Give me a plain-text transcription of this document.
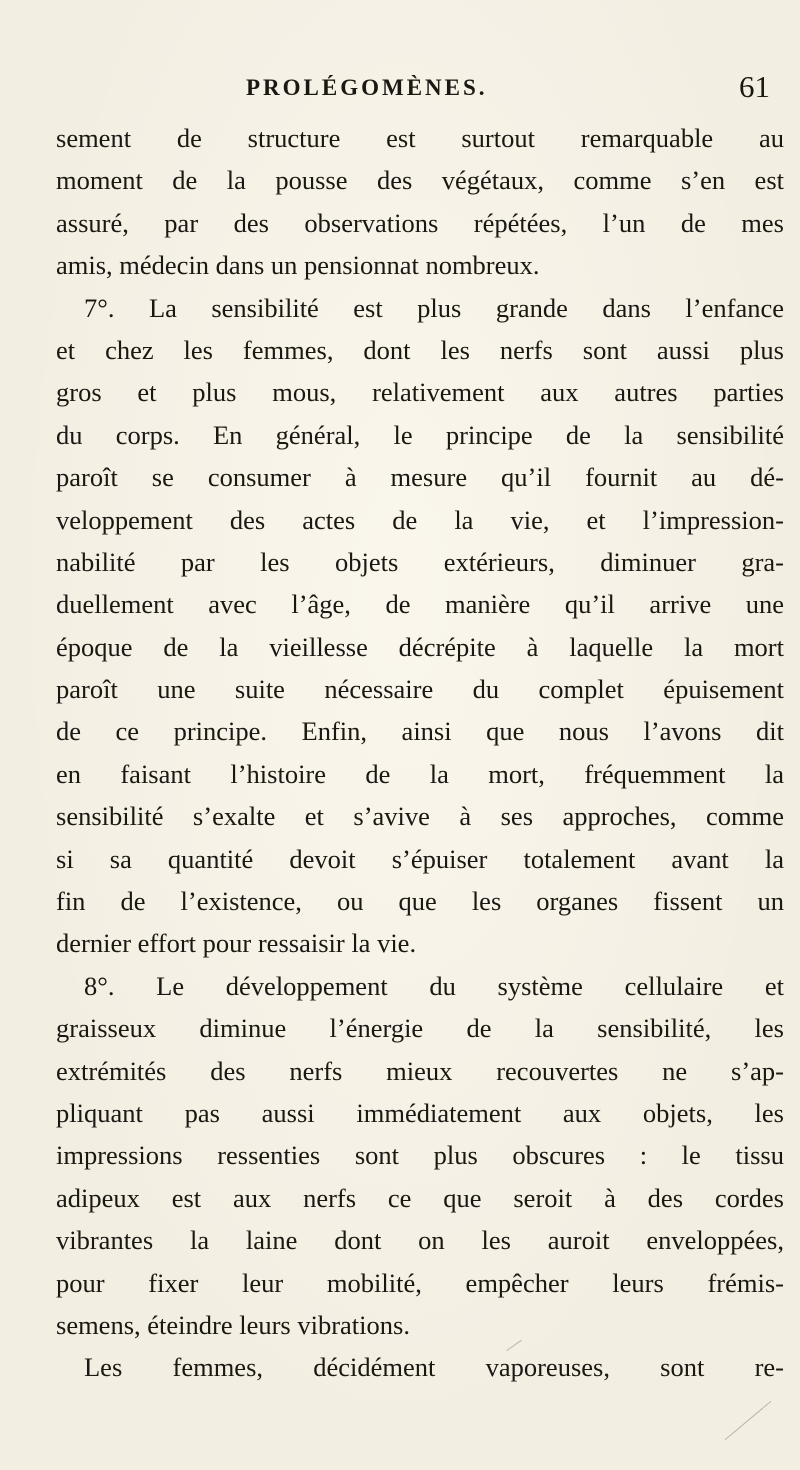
PROLÉGOMÈNES.	61
sement de structure est surtout remarquable au
moment de la pousse des végétaux, comme s’en est
assuré, par des observations répétées, l’un de mes
amis, médecin dans un pensionnat nombreux.
7°. La sensibilité est plus grande dans l’enfance
et chez les femmes, dont les nerfs sont aussi plus
gros et plus mous, relativement aux autres parties
du corps. En général, le principe de la sensibilité
paroît se consumer à mesure qu’il fournit au dé-
veloppement des actes de la vie, et l’impression-
nabilité par les objets extérieurs, diminuer gra-
duellement avec l’âge, de manière qu’il arrive une
époque de la vieillesse décrépite à laquelle la mort
paroît une suite nécessaire du complet épuisement
de ce principe. Enfin, ainsi que nous l’avons dit
en faisant l’histoire de la mort, fréquemment la
sensibilité s’exalte et s’avive à ses approches, comme
si sa quantité devoit s’épuiser totalement avant la
fin de l’existence, ou que les organes fissent un
dernier effort pour ressaisir la vie.
8°. Le développement du système cellulaire et
graisseux diminue l’énergie de la sensibilité, les
extrémités des nerfs mieux recouvertes ne s’ap-
pliquant pas aussi immédiatement aux objets, les
impressions ressenties sont plus obscures : le tissu
adipeux est aux nerfs ce que seroit à des cordes
vibrantes la laine dont on les auroit enveloppées,
pour fixer leur mobilité, empêcher leurs frémis-
semens, éteindre leurs vibrations.
Les femmes, décidément vaporeuses, sont re-
